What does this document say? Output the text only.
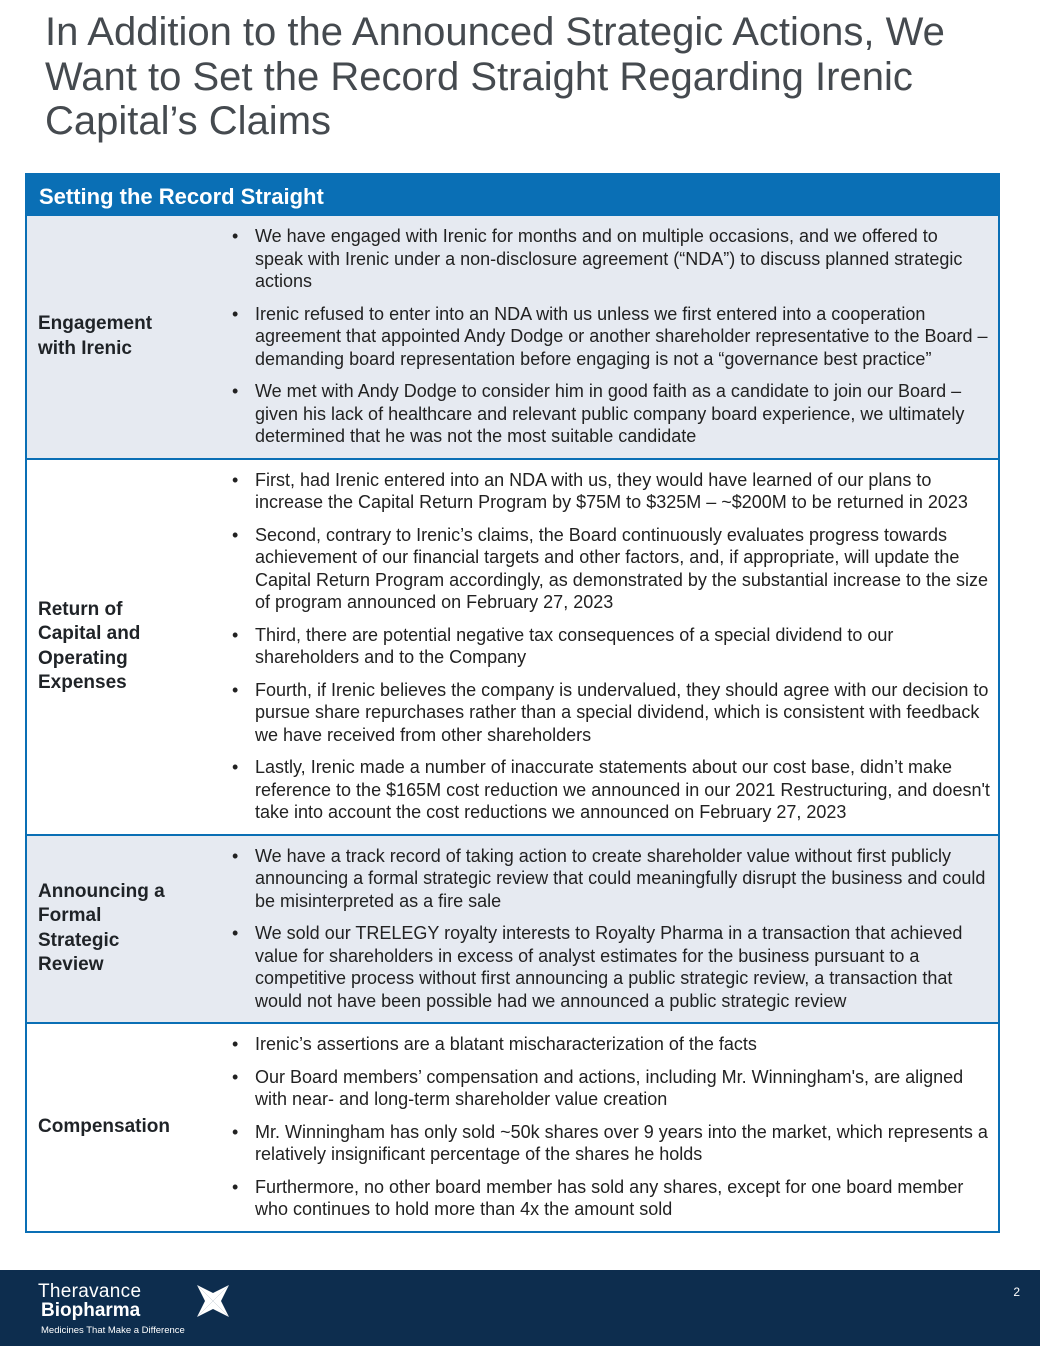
In Addition to the Announced Strategic Actions, We Want to Set the Record Straight Regarding Irenic Capital’s Claims
Setting the Record Straight
Engagement with Irenic
• We have engaged with Irenic for months and on multiple occasions, and we offered to speak with Irenic under a non-disclosure agreement (“NDA”) to discuss planned strategic actions
• Irenic refused to enter into an NDA with us unless we first entered into a cooperation agreement that appointed Andy Dodge or another shareholder representative to the Board – demanding board representation before engaging is not a “governance best practice”
• We met with Andy Dodge to consider him in good faith as a candidate to join our Board – given his lack of healthcare and relevant public company board experience, we ultimately determined that he was not the most suitable candidate
Return of Capital and Operating Expenses
• First, had Irenic entered into an NDA with us, they would have learned of our plans to increase the Capital Return Program by $75M to $325M – ~$200M to be returned in 2023
• Second, contrary to Irenic’s claims, the Board continuously evaluates progress towards achievement of our financial targets and other factors, and, if appropriate, will update the Capital Return Program accordingly, as demonstrated by the substantial increase to the size of program announced on February 27, 2023
• Third, there are potential negative tax consequences of a special dividend to our shareholders and to the Company
• Fourth, if Irenic believes the company is undervalued, they should agree with our decision to pursue share repurchases rather than a special dividend, which is consistent with feedback we have received from other shareholders
• Lastly, Irenic made a number of inaccurate statements about our cost base, didn’t make reference to the $165M cost reduction we announced in our 2021 Restructuring, and doesn't take into account the cost reductions we announced on February 27, 2023
Announcing a Formal Strategic Review
• We have a track record of taking action to create shareholder value without first publicly announcing a formal strategic review that could meaningfully disrupt the business and could be misinterpreted as a fire sale
• We sold our TRELEGY royalty interests to Royalty Pharma in a transaction that achieved value for shareholders in excess of analyst estimates for the business pursuant to a competitive process without first announcing a public strategic review, a transaction that would not have been possible had we announced a public strategic review
Compensation
• Irenic’s assertions are a blatant mischaracterization of the facts
• Our Board members’ compensation and actions, including Mr. Winningham's, are aligned with near- and long-term shareholder value creation
• Mr. Winningham has only sold ~50k shares over 9 years into the market, which represents a relatively insignificant percentage of the shares he holds
• Furthermore, no other board member has sold any shares, except for one board member who continues to hold more than 4x the amount sold
Theravance
Biopharma
Medicines That Make a Difference
2
